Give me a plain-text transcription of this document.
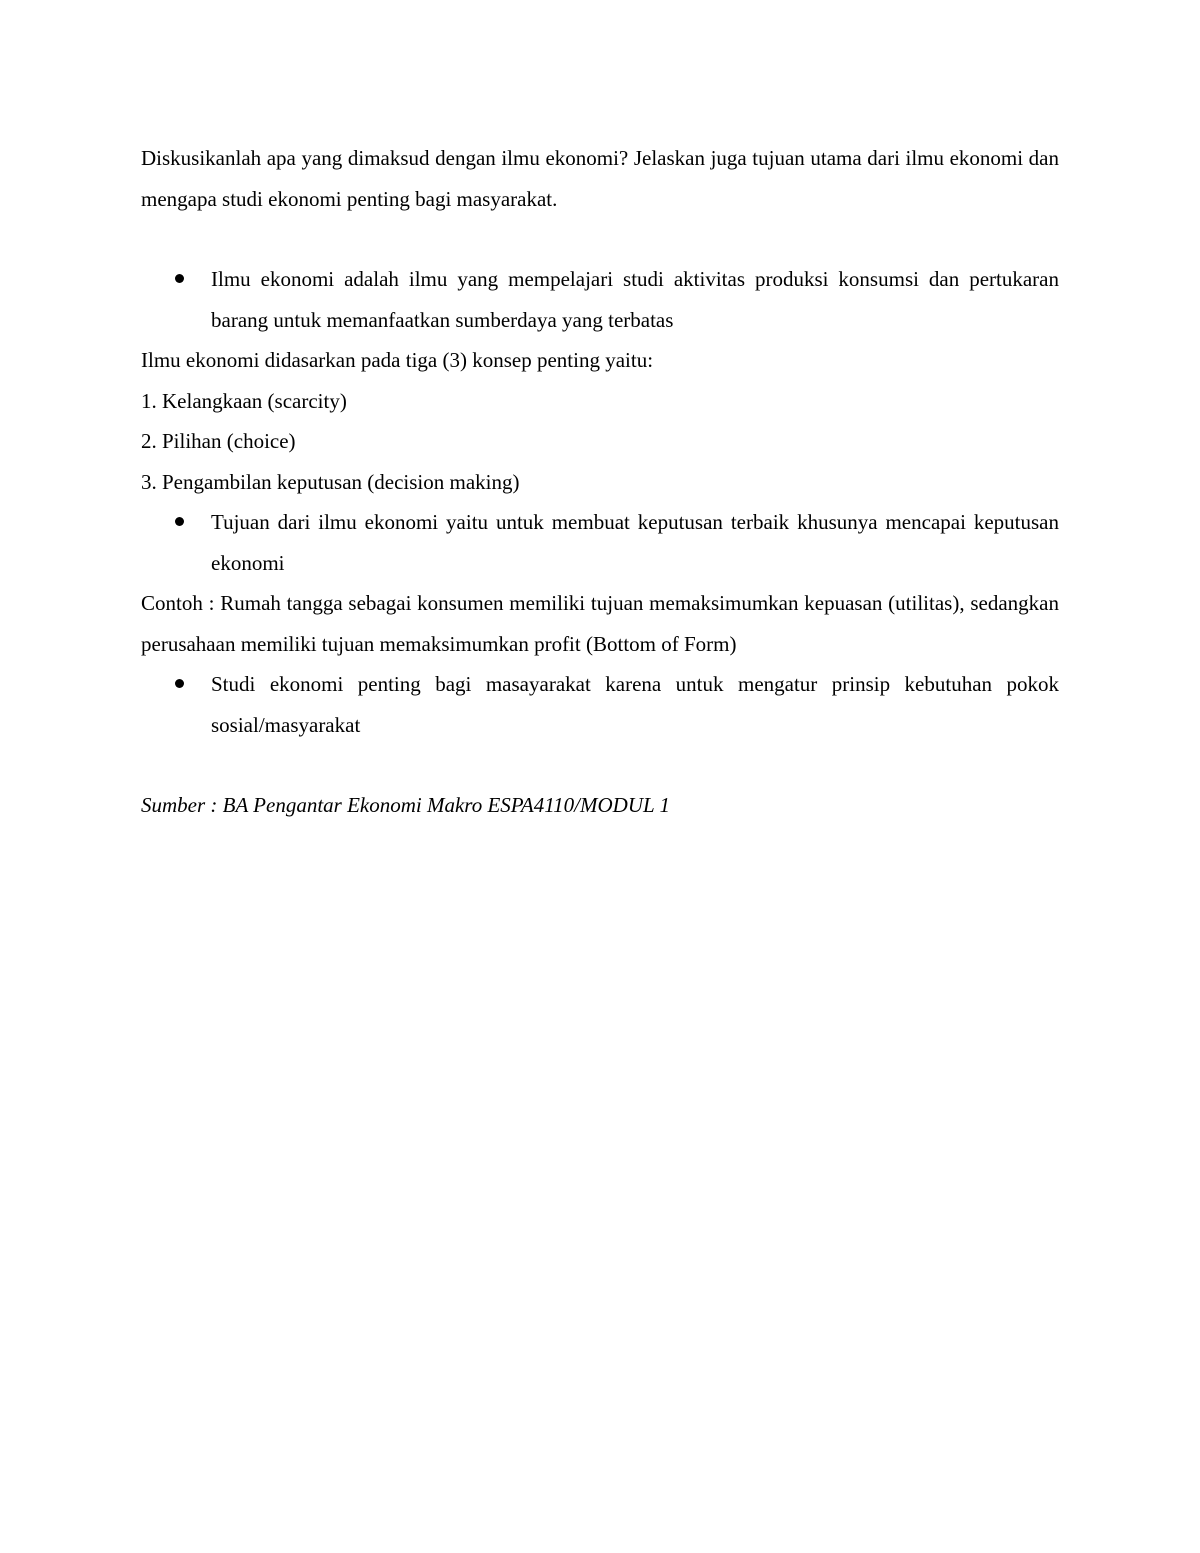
Diskusikanlah apa yang dimaksud dengan ilmu ekonomi? Jelaskan juga tujuan utama dari ilmu ekonomi dan mengapa studi ekonomi penting bagi masyarakat.

Ilmu ekonomi adalah ilmu yang mempelajari studi aktivitas produksi konsumsi dan pertukaran barang untuk memanfaatkan sumberdaya yang terbatas

Ilmu ekonomi didasarkan pada tiga (3) konsep penting yaitu:

1. Kelangkaan (scarcity)

2. Pilihan (choice)

3. Pengambilan keputusan (decision making)

Tujuan dari ilmu ekonomi yaitu untuk membuat keputusan terbaik khusunya mencapai keputusan ekonomi

Contoh : Rumah tangga sebagai konsumen memiliki tujuan memaksimumkan kepuasan (utilitas), sedangkan perusahaan memiliki tujuan memaksimumkan profit (Bottom of Form)

Studi ekonomi penting bagi masayarakat karena untuk mengatur prinsip kebutuhan pokok sosial/masyarakat

Sumber : BA Pengantar Ekonomi Makro ESPA4110/MODUL 1
